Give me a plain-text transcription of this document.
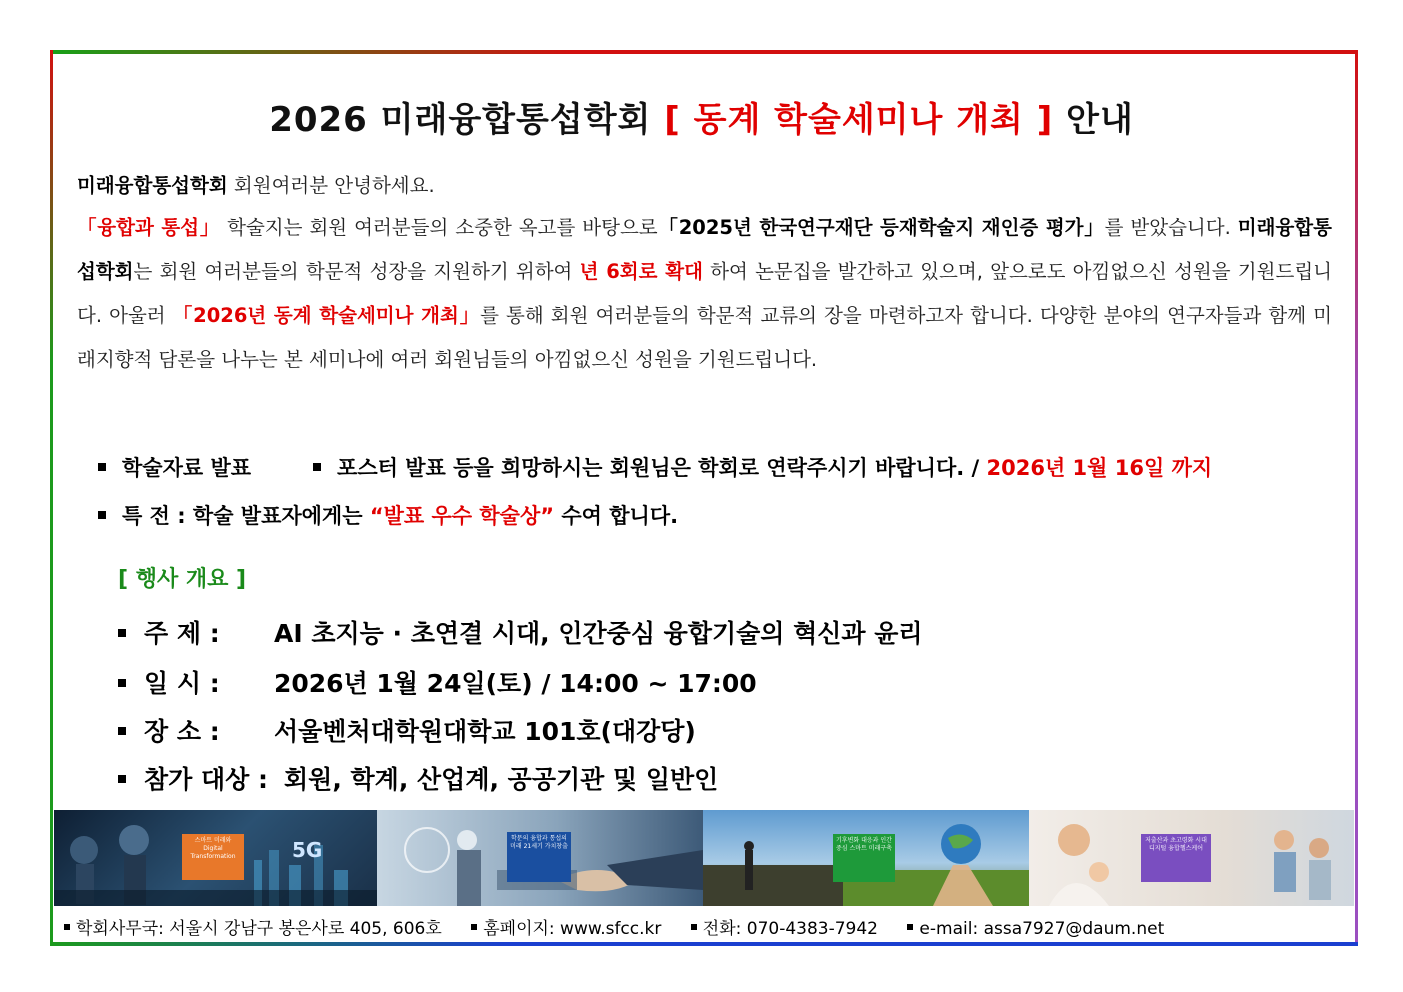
2026 미래융합통섭학회 [ 동계 학술세미나 개최 ] 안내
미래융합통섭학회 회원여러분 안녕하세요.
「융합과 통섭」 학술지는 회원 여러분들의 소중한 옥고를 바탕으로「2025년 한국연구재단 등재학술지 재인증 평가」를 받았습니다. 미래융합통섭학회는 회원 여러분들의 학문적 성장을 지원하기 위하여 년 6회로 확대 하여 논문집을 발간하고 있으며, 앞으로도 아낌없으신 성원을 기원드립니다. 아울러 「2026년 동계 학술세미나 개최」를 통해 회원 여러분들의 학문적 교류의 장을 마련하고자 합니다. 다양한 분야의 연구자들과 함께 미래지향적 담론을 나누는 본 세미나에 여러 회원님들의 아낌없으신 성원을 기원드립니다.
학술자료 발표	포스터 발표 등을 희망하시는 회원님은 학회로 연락주시기 바랍니다. / 2026년 1월 16일 까지
특 전 : 학술 발표자에게는 “발표 우수 학술상” 수여 합니다.
[ 행사 개요 ]
주 제 : AI 초지능 · 초연결 시대, 인간중심 융합기술의 혁신과 윤리
일 시 : 2026년 1월 24일(토) / 14:00 ~ 17:00
장 소 : 서울벤처대학원대학교 101호(대강당)
참가 대상 : 회원, 학계, 산업계, 공공기관 및 일반인
5G
스마트 미래와 Digital Transformation
학문의 융합과 통섭의 미래 21세기 가치창출
기후변화 대응과 인간중심 스마트 미래구축
저출산과 초고령화 시대 디지털 융합헬스케어
학회사무국: 서울시 강남구 봉은사로 405, 606호 홈페이지: www.sfcc.kr 전화: 070-4383-7942 e-mail: assa7927@daum.net
